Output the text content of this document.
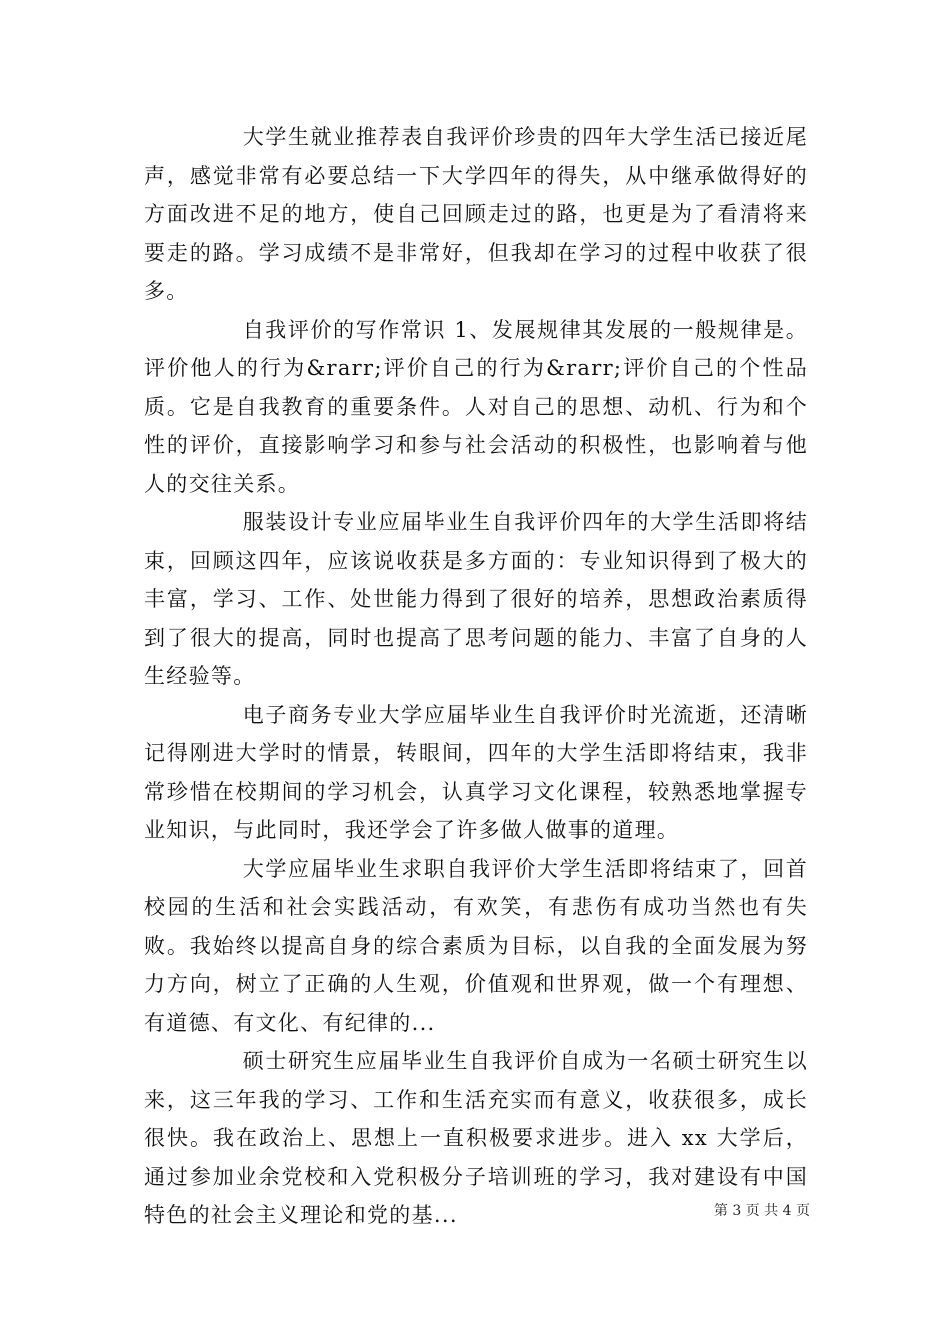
大学生就业推荐表自我评价珍贵的四年大学生活已接近尾声，感觉非常有必要总结一下大学四年的得失，从中继承做得好的方面改进不足的地方，使自己回顾走过的路，也更是为了看清将来要走的路。学习成绩不是非常好，但我却在学习的过程中收获了很多。

自我评价的写作常识 1、发展规律其发展的一般规律是。评价他人的行为&rarr;评价自己的行为&rarr;评价自己的个性品质。它是自我教育的重要条件。人对自己的思想、动机、行为和个性的评价，直接影响学习和参与社会活动的积极性，也影响着与他人的交往关系。

服装设计专业应届毕业生自我评价四年的大学生活即将结束，回顾这四年，应该说收获是多方面的：专业知识得到了极大的丰富，学习、工作、处世能力得到了很好的培养，思想政治素质得到了很大的提高，同时也提高了思考问题的能力、丰富了自身的人生经验等。

电子商务专业大学应届毕业生自我评价时光流逝，还清晰记得刚进大学时的情景，转眼间，四年的大学生活即将结束，我非常珍惜在校期间的学习机会，认真学习文化课程，较熟悉地掌握专业知识，与此同时，我还学会了许多做人做事的道理。

大学应届毕业生求职自我评价大学生活即将结束了，回首校园的生活和社会实践活动，有欢笑，有悲伤有成功当然也有失败。我始终以提高自身的综合素质为目标，以自我的全面发展为努力方向，树立了正确的人生观，价值观和世界观，做一个有理想、有道德、有文化、有纪律的...

硕士研究生应届毕业生自我评价自成为一名硕士研究生以来，这三年我的学习、工作和生活充实而有意义，收获很多，成长很快。我在政治上、思想上一直积极要求进步。进入 xx 大学后，通过参加业余党校和入党积极分子培训班的学习，我对建设有中国特色的社会主义理论和党的基...	第 3 页 共 4 页
